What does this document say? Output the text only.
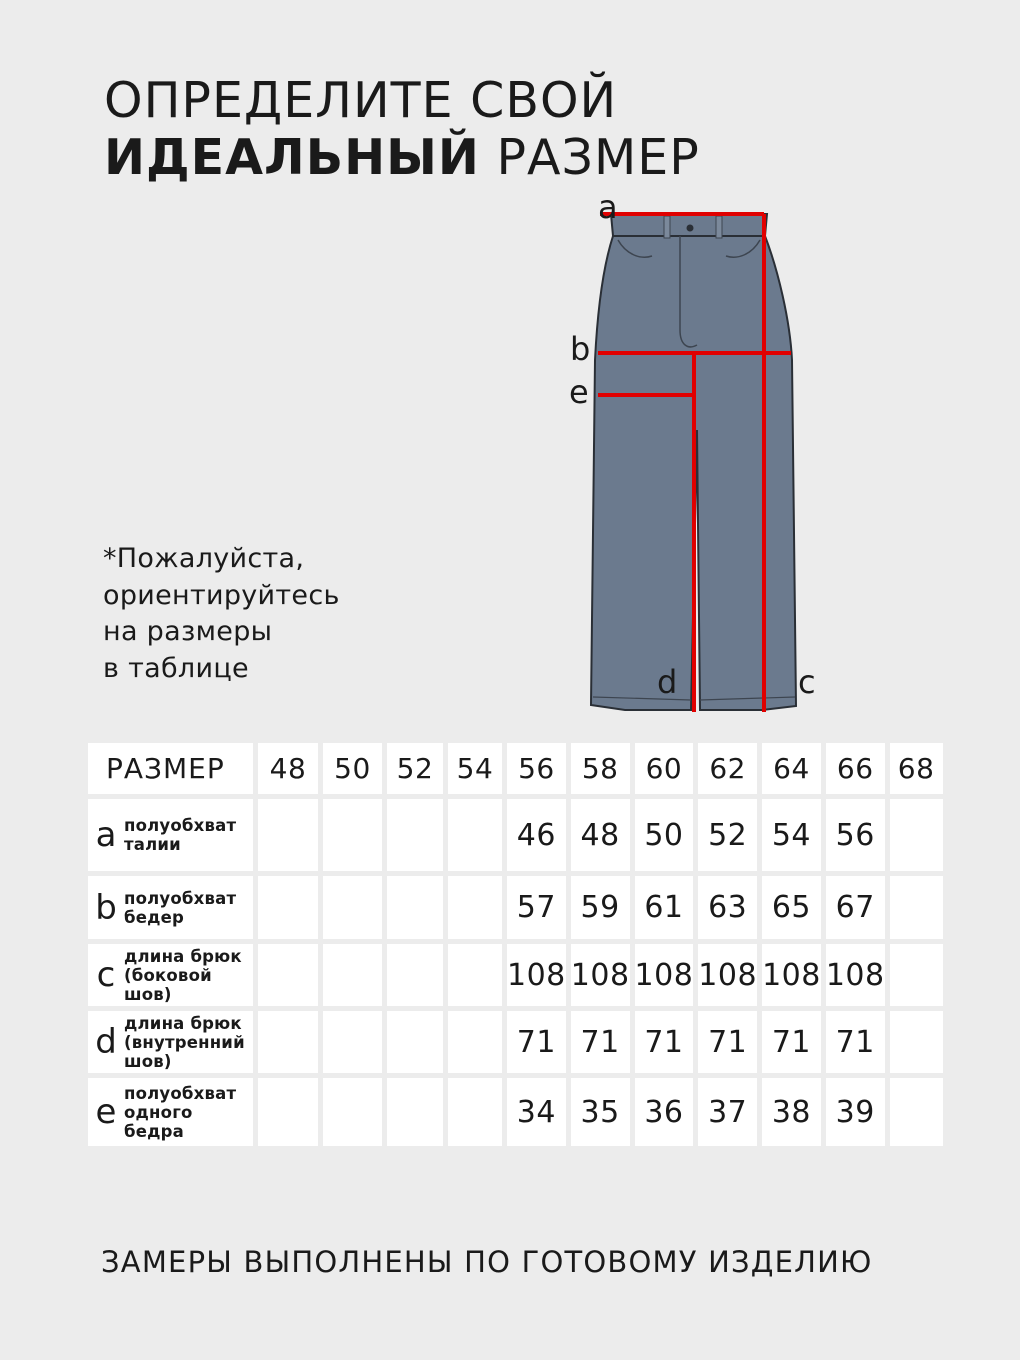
ОПРЕДЕЛИТЕ СВОЙ
ИДЕАЛЬНЫЙ РАЗМЕР
a
b
e
d	c
*Пожалуйста,
ориентируйтесь
на размеры
в таблице
РАЗМЕР	48	50	52	54	56	58	60	62	64	66	68

a полуобхват
талии					46	48	50	52	54	56	

b полуобхват
бедер					57	59	61	63	65	67	

c длина брюк
(боковой
шов)					108	108	108	108	108	108	

d длина брюк
(внутренний
шов)					71	71	71	71	71	71	

e полуобхват
одного
бедра					34	35	36	37	38	39	
ЗАМЕРЫ ВЫПОЛНЕНЫ ПО ГОТОВОМУ ИЗДЕЛИЮ
